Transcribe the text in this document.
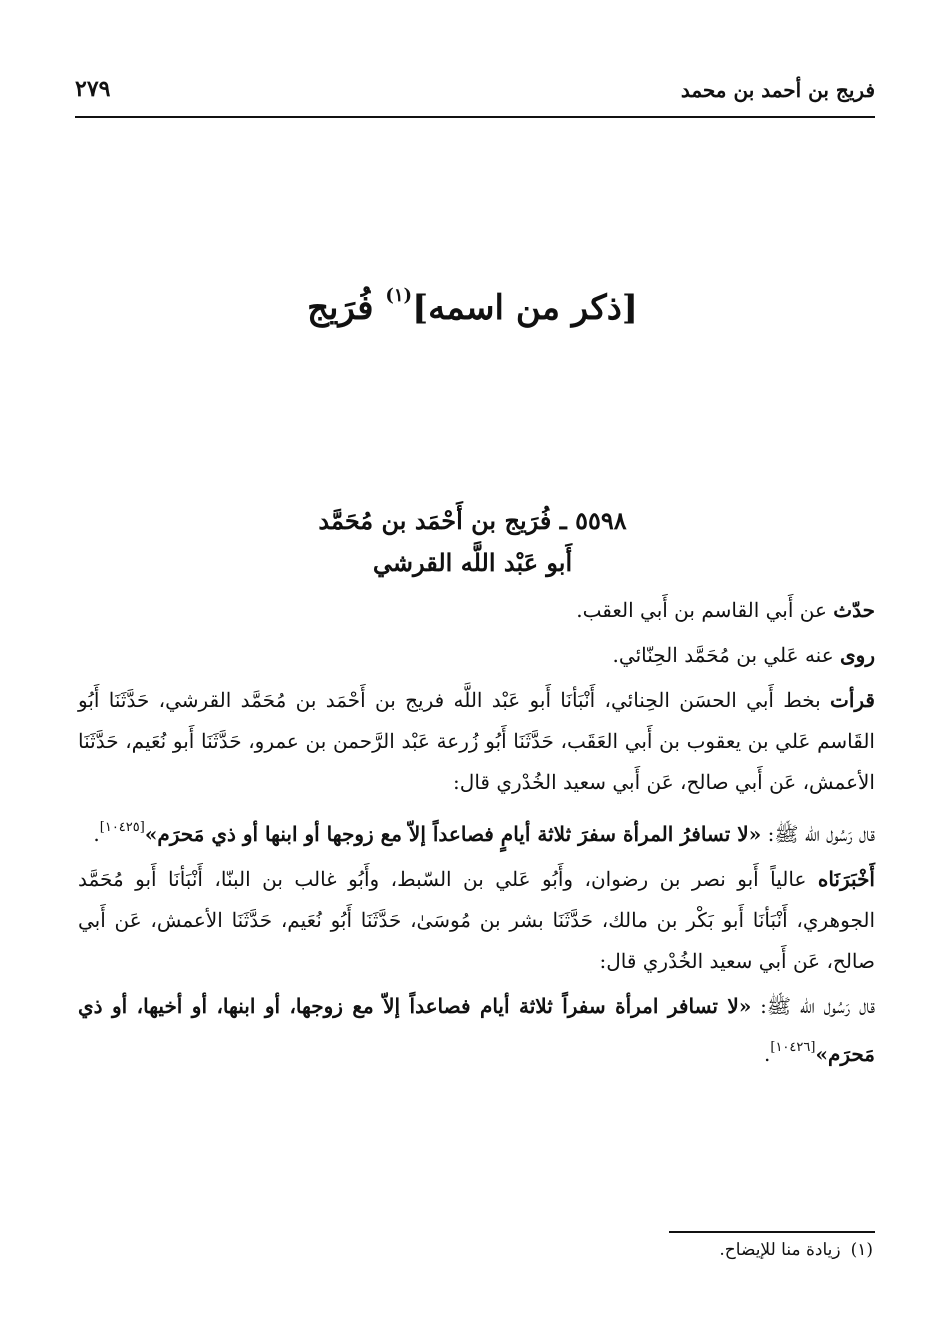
فريج بن أحمد بن محمد
٢٧٩
[ذكر من اسمه]$^{(١)}$ فُرَيج
٥٥٩٨ ـ فُرَيج بن أَحْمَد بن مُحَمَّد
أَبو عَبْد اللَّه القرشي

حدّث عن أَبي القاسم بن أَبي العقب.

روى عنه عَلي بن مُحَمَّد الحِنّائي.

قرأت بخط أَبي الحسَن الحِنائي، أَنْبَأنَا أَبو عَبْد اللَّه فريج بن أَحْمَد بن مُحَمَّد القرشي، حَدَّثَنَا أَبُو القَاسم عَلي بن يعقوب بن أَبي العَقَب، حَدَّثَنَا أَبُو زُرعة عَبْد الرَّحمن بن عمرو، حَدَّثَنَا أَبو نُعَيم، حَدَّثَنَا الأعمش، عَن أَبي صالح، عَن أَبي سعيد الخُدْري قال:

قال رَسُول الله ﷺ: «لا تسافرُ المرأة سفرَ ثلاثة أيامٍ فصاعداً إلاّ مع زوجها أو ابنها أو ذي مَحرَم»[١٠٤٢٥].

أَخْبَرَنَاه عالياً أَبو نصر بن رضوان، وأَبُو عَلي بن السّبط، وأَبُو غالب بن البنّا، أَنْبَأنَا أَبو مُحَمَّد الجوهري، أَنْبَأنَا أَبو بَكْر بن مالك، حَدَّثَنَا بشر بن مُوسَىٰ، حَدَّثَنَا أَبُو نُعَيم، حَدَّثَنَا الأعمش، عَن أَبي صالح، عَن أَبي سعيد الخُدْري قال:

قال رَسُول الله ﷺ: «لا تسافر امرأة سفراً ثلاثة أيام فصاعداً إلاّ مع زوجها، أو ابنها، أو أخيها، أو ذي مَحرَم»[١٠٤٢٦].

(١)زيادة منا للإيضاح.
